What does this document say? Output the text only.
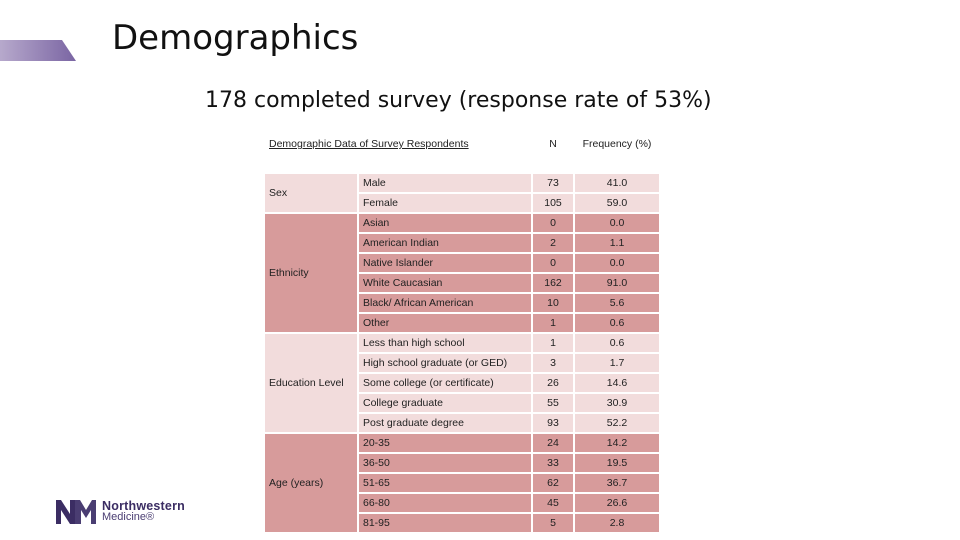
Demographics

178 completed survey (response rate of 53%)

Demographic Data of Survey Respondents		N	Frequency (%)
Sex	Male	73	41.0
	Female	105	59.0
Ethnicity	Asian	0	0.0
	American Indian	2	1.1
	Native Islander	0	0.0
	White Caucasian	162	91.0
	Black/ African American	10	5.6
	Other	1	0.6
Education Level	Less than high school	1	0.6
	High school graduate (or GED)	3	1.7
	Some college (or certificate)	26	14.6
	College graduate	55	30.9
	Post graduate degree	93	52.2
Age (years)	20-35	24	14.2
	36-50	33	19.5
	51-65	62	36.7
	66-80	45	26.6
	81-95	5	2.8
Northwestern
Medicine®
